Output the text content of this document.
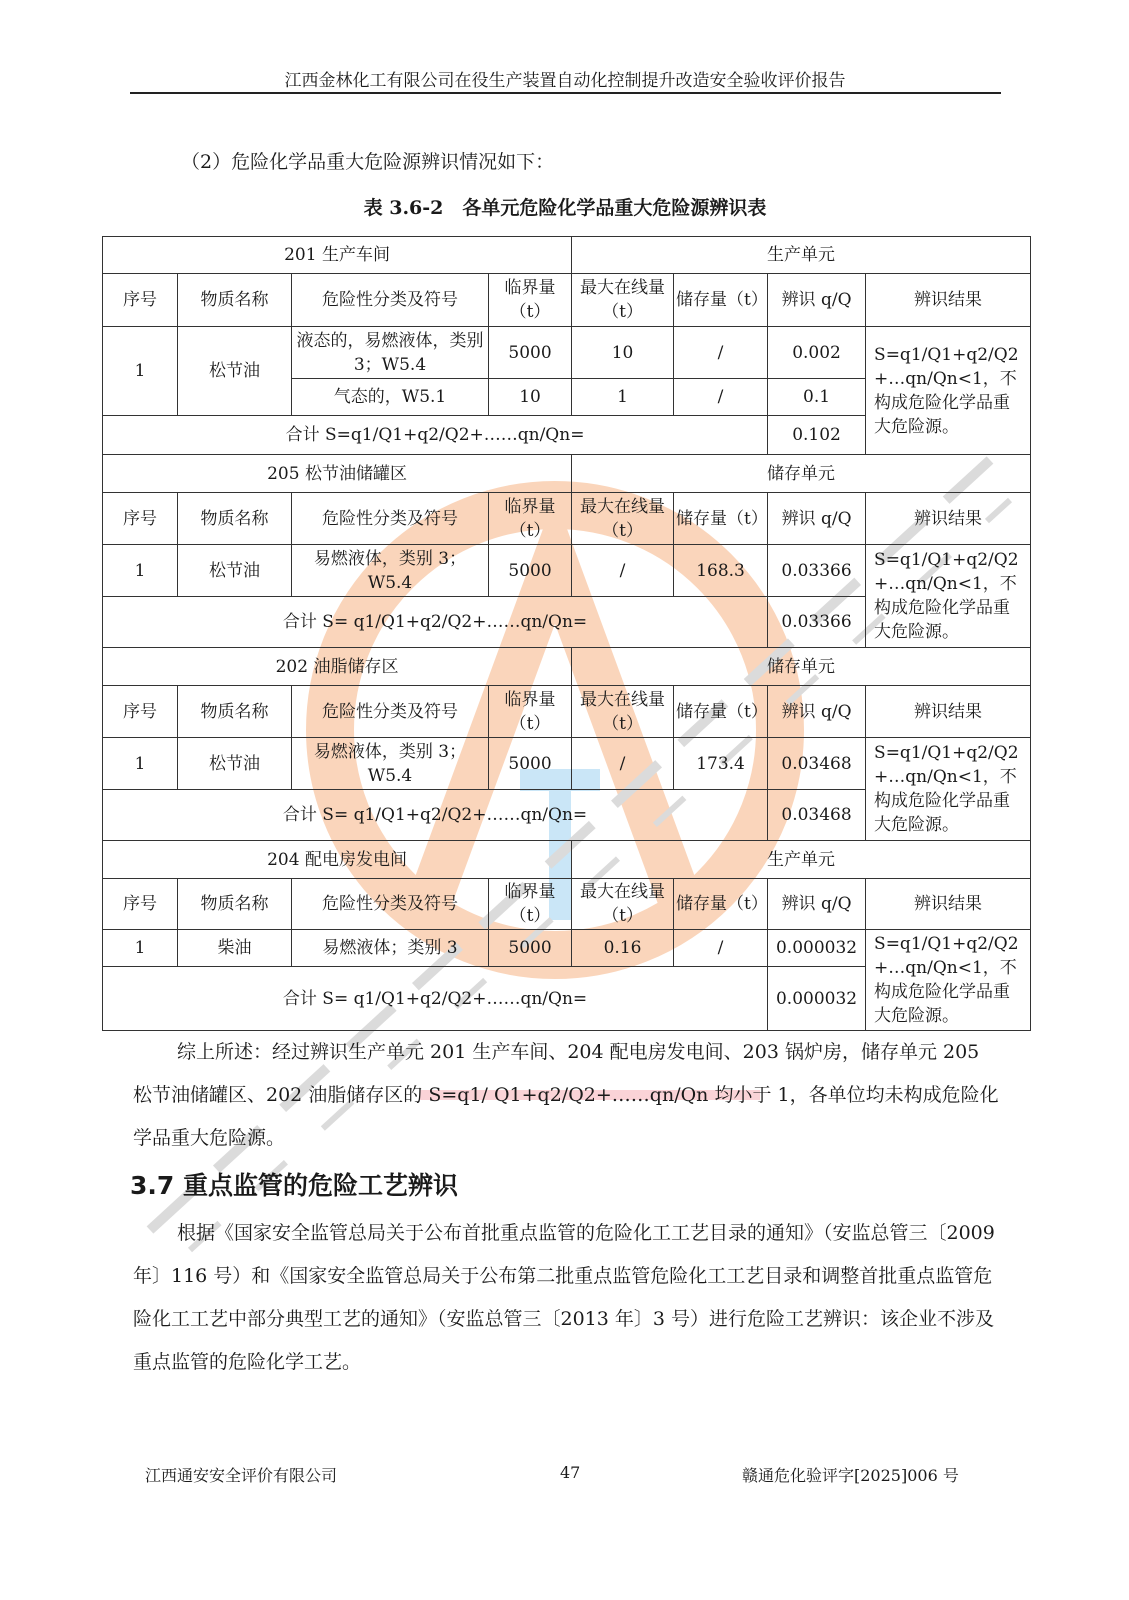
江西金林化工有限公司在役生产装置自动化控制提升改造安全验收评价报告
（2）危险化学品重大危险源辨识情况如下：
表 3.6-2　各单元危险化学品重大危险源辨识表
201 生产车间				生产单元			
序号	物质名称	危险性分类及符号	临界量（t）	最大在线量（t）	储存量（t）	辨识 q/Q	辨识结果
1	松节油	液态的，易燃液体，类别 3；W5.4	5000	10	/	0.002	S=q1/Q1+q2/Q2+…qn/Qn<1，不构成危险化学品重大危险源。
		气态的，W5.1	10	1	/	0.1	
合计 S=q1/Q1+q2/Q2+……qn/Qn=						0.102	
205 松节油储罐区				储存单元			
序号	物质名称	危险性分类及符号	临界量（t）	最大在线量（t）	储存量（t）	辨识 q/Q	辨识结果
1	松节油	易燃液体，类别 3；W5.4	5000	/	168.3	0.03366	S=q1/Q1+q2/Q2+…qn/Qn<1，不构成危险化学品重大危险源。
合计 S= q1/Q1+q2/Q2+……qn/Qn=						0.03366	
202 油脂储存区				储存单元			
序号	物质名称	危险性分类及符号	临界量（t）	最大在线量（t）	储存量（t）	辨识 q/Q	辨识结果
1	松节油	易燃液体，类别 3；W5.4	5000	/	173.4	0.03468	S=q1/Q1+q2/Q2+…qn/Qn<1，不构成危险化学品重大危险源。
合计 S= q1/Q1+q2/Q2+……qn/Qn=						0.03468	
204 配电房发电间				生产单元			
序号	物质名称	危险性分类及符号	临界量（t）	最大在线量（t）	储存量（t）	辨识 q/Q	辨识结果
1	柴油	易燃液体；类别 3	5000	0.16	/	0.000032	S=q1/Q1+q2/Q2+…qn/Qn<1，不构成危险化学品重大危险源。
合计 S= q1/Q1+q2/Q2+……qn/Qn=						0.000032	
综上所述：经过辨识生产单元 201 生产车间、204 配电房发电间、203 锅炉房，储存单元 205 松节油储罐区、202 油脂储存区的 S=q1/ Q1+q2/Q2+……qn/Qn 均小于 1，各单位均未构成危险化学品重大危险源。
3.7 重点监管的危险工艺辨识
根据《国家安全监管总局关于公布首批重点监管的危险化工工艺目录的通知》（安监总管三〔2009 年〕116 号）和《国家安全监管总局关于公布第二批重点监管危险化工工艺目录和调整首批重点监管危险化工工艺中部分典型工艺的通知》（安监总管三〔2013 年〕3 号）进行危险工艺辨识：该企业不涉及重点监管的危险化学工艺。
江西通安安全评价有限公司	47	赣通危化验评字[2025]006 号
